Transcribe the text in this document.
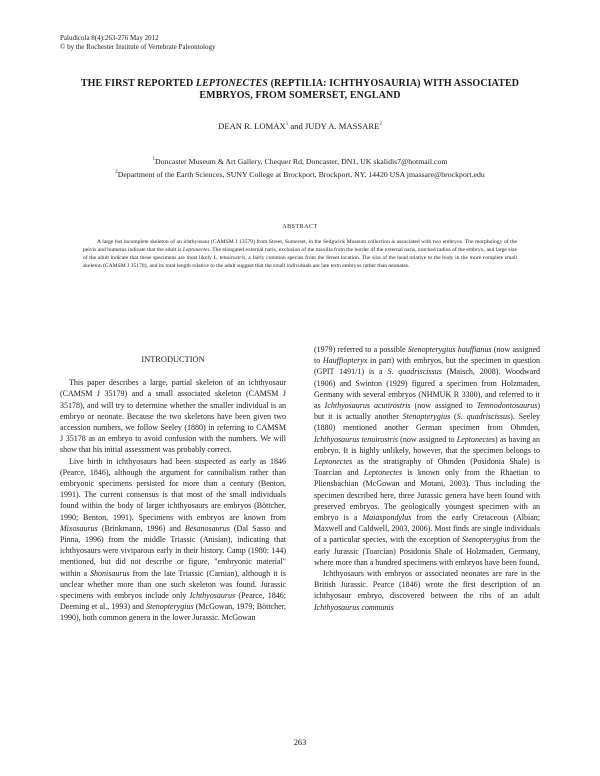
Paludicola 8(4):263-276 May 2012
© by the Rochester Institute of Vertebrate Paleontology
THE FIRST REPORTED LEPTONECTES (REPTILIA: ICHTHYOSAURIA) WITH ASSOCIATED
EMBRYOS, FROM SOMERSET, ENGLAND
DEAN R. LOMAX$^1$ and JUDY A. MASSARE$^2$
$^1$Doncaster Museum & Art Gallery, Chequer Rd, Doncaster, DN1, UK skalidis7@hotmail.com
$^2$Department of the Earth Sciences, SUNY College at Brockport, Brockport, NY, 14420 USA jmassare@brockport.edu
ABSTRACT
A large but incomplete skeleton of an ichthyosaur (CAMSM J 13579) from Street, Somerset, in the Sedgwick Museum collection is associated with two embryos. The morphology of the pelvis and humerus indicate that the adult is Leptonectes. The elongated external naris, exclusion of the maxilla from the border of the external naris, notched radius of the embryo, and large size of the adult indicate that these specimens are most likely L. tenuirostris, a fairly common species from the Street location. The size of the head relative to the body in the more complete small skeleton (CAMSM J 35178), and its total length relative to the adult suggest that the small individuals are late term embryos rather than neonates.
INTRODUCTION

This paper describes a large, partial skeleton of an ichthyosaur (CAMSM J 35179) and a small associated skeleton (CAMSM J 35178), and will try to determine whether the smaller individual is an embryo or neonate. Because the two skeletons have been given two accession numbers, we follow Seeley (1880) in referring to CAMSM J 35178 as an embryo to avoid confusion with the numbers. We will show that his initial assessment was probably correct.

Live birth in ichthyosaurs had been suspected as early as 1846 (Pearce, 1846), although the argument for cannibalism rather than embryonic specimens persisted for more than a century (Benton, 1991). The current consensus is that most of the small individuals found within the body of larger ichthyosaurs are embryos (Böttcher, 1990; Benton, 1991). Specimens with embryos are known from Mixosaurus (Brinkmann, 1996) and Besanosaurus (Dal Sasso and Pinna, 1996) from the middle Triassic (Anisian), indicating that ichthyosaurs were viviparous early in their history. Camp (1980: 144) mentioned, but did not describe or figure, "embryonic material" within a Shonisaurus from the late Triassic (Carnian), although it is unclear whether more than one such skeleton was found. Jurassic specimens with embryos include only Ichthyosaurus (Pearce, 1846; Deeming et al., 1993) and Stenopterygius (McGowan, 1979; Böttcher, 1990), both common genera in the lower Jurassic. McGowan

(1979) referred to a possible Stenopterygius hauffianus (now assigned to Hauffiopteryx in part) with embryos, but the specimen in question (GPIT 1491/1) is a S. quadriscissus (Maisch, 2008). Woodward (1906) and Swinton (1929) figured a specimen from Holzmaden, Germany with several embryos (NHMUK R 3300), and referred to it as Ichthyosaurus acutirostris (now assigned to Temnodontosaurus) but it is actually another Stenopterygius (S. quadriscissus). Seeley (1880) mentioned another German specimen from Ohmden, Ichthyosaurus tenuirostris (now assigned to Leptonectes) as having an embryo. It is highly unlikely, however, that the specimen belongs to Leptonectes as the stratigraphy of Ohmden (Posidonia Shale) is Toarcian and Leptonectes is known only from the Rhaetian to Pliensbachian (McGowan and Motani, 2003). Thus including the specimen described here, three Jurassic genera have been found with preserved embryos. The geologically youngest specimen with an embryo is a Maiaspondylus from the early Cretaceous (Albian; Maxwell and Caldwell, 2003, 2006). Most finds are single individuals of a particular species, with the exception of Stenopterygius from the early Jurassic (Toarcian) Posidonia Shale of Holzmaden, Germany, where more than a hundred specimens with embryos have been found.

Ichthyosaurs with embryos or associated neonates are rare in the British Jurassic. Pearce (1846) wrote the first description of an ichthyosaur embryo, discovered between the ribs of an adult Ichthyosaurus communis

263
